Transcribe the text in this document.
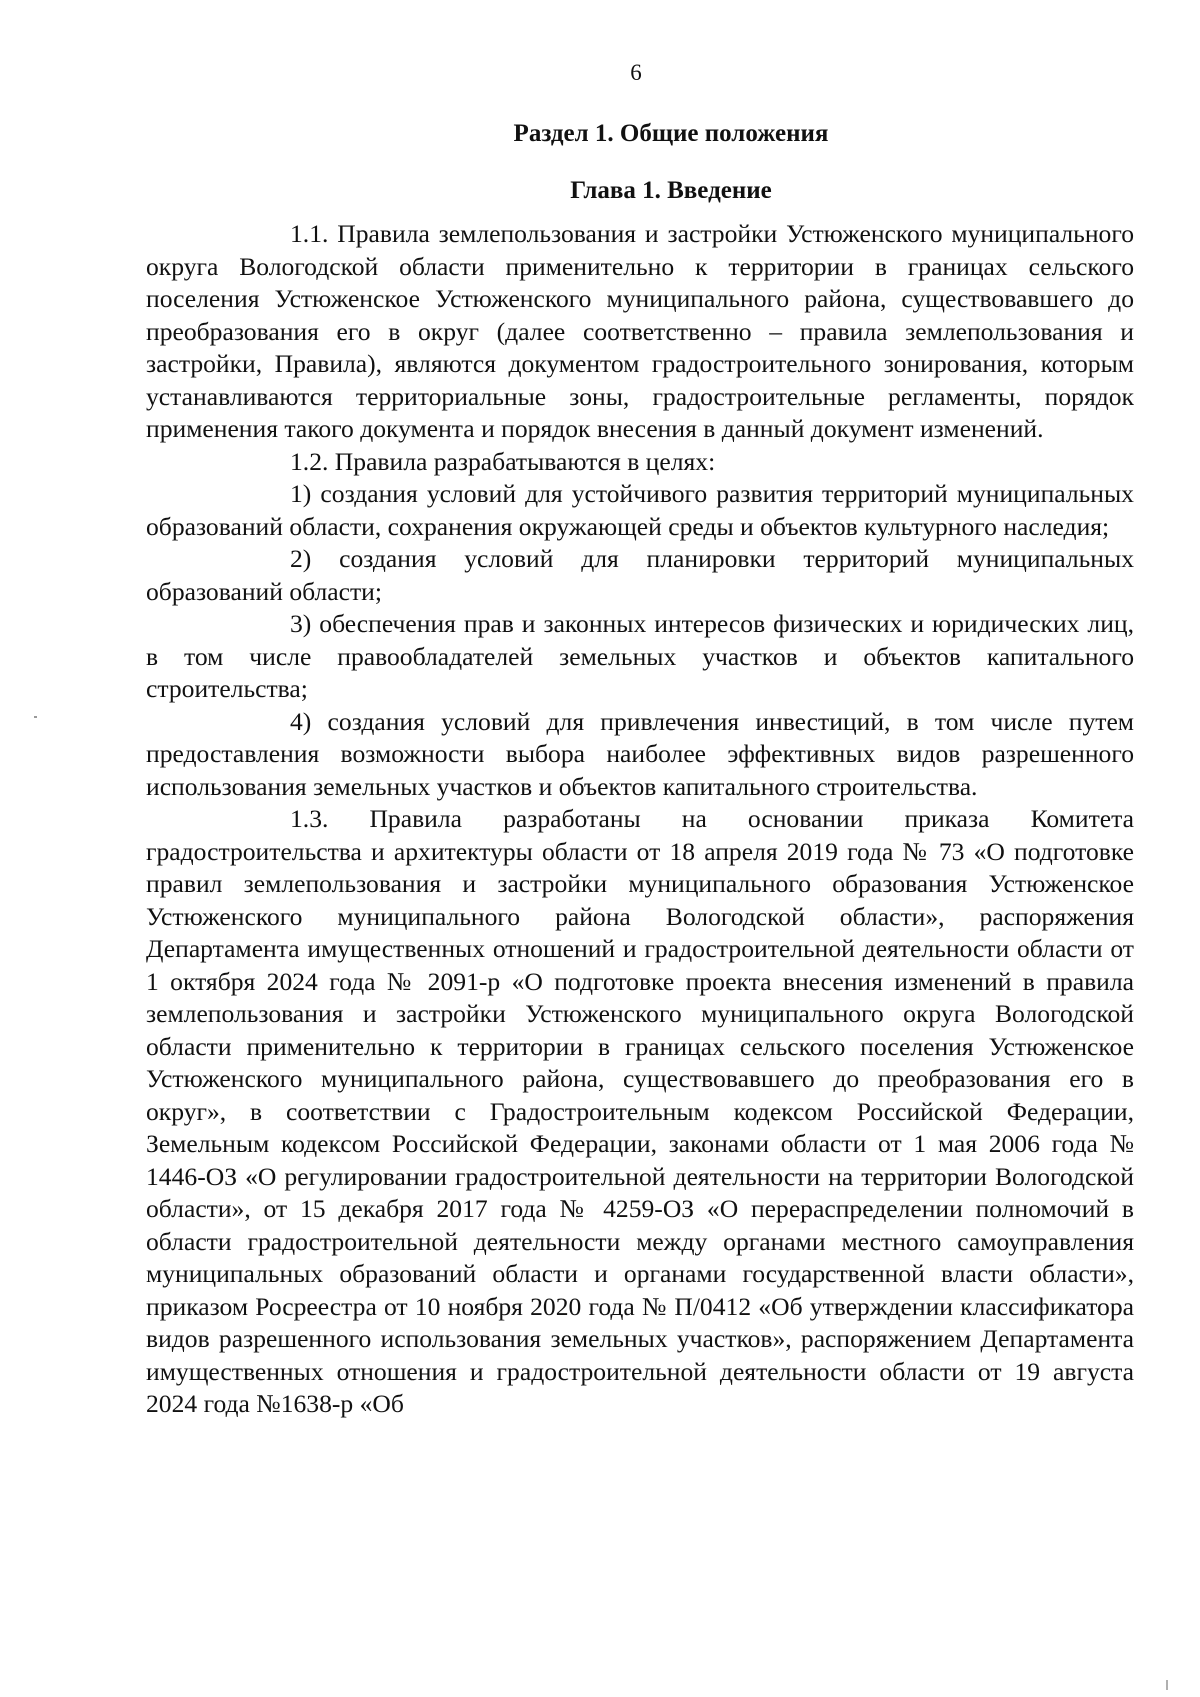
6
Раздел 1. Общие положения
Глава 1. Введение

1.1. Правила землепользования и застройки Устюженского муниципального округа Вологодской области применительно к территории в границах сельского поселения Устюженское Устюженского муниципального района, существовавшего до преобразования его в округ (далее соответственно – правила землепользования и застройки, Правила), являются документом градостроительного зонирования, которым устанавливаются территориальные зоны, градостроительные регламенты, порядок применения такого документа и порядок внесения в данный документ изменений.

1.2. Правила разрабатываются в целях:

1) создания условий для устойчивого развития территорий муниципальных образований области, сохранения окружающей среды и объектов культурного наследия;

2) создания условий для планировки территорий муниципальных образований области;

3) обеспечения прав и законных интересов физических и юридических лиц, в том числе правообладателей земельных участков и объектов капитального строительства;

4) создания условий для привлечения инвестиций, в том числе путем предоставления возможности выбора наиболее эффективных видов разрешенного использования земельных участков и объектов капитального строительства.

1.3. Правила разработаны на основании приказа Комитета градостроительства и архитектуры области от 18 апреля 2019 года № 73 «О подготовке правил землепользования и застройки муниципального образования Устюженское Устюженского муниципального района Вологодской области», распоряжения Департамента имущественных отношений и градостроительной деятельности области от 1 октября 2024 года № 2091-р «О подготовке проекта внесения изменений в правила землепользования и застройки Устюженского муниципального округа Вологодской области применительно к территории в границах сельского поселения Устюженское Устюженского муниципального района, существовавшего до преобразования его в округ», в соответствии с Градостроительным кодексом Российской Федерации, Земельным кодексом Российской Федерации, законами области от 1 мая 2006 года № 1446-ОЗ «О регулировании градостроительной деятельности на территории Вологодской области», от 15 декабря 2017 года № 4259-ОЗ «О перераспределении полномочий в области градостроительной деятельности между органами местного самоуправления муниципальных образований области и органами государственной власти области», приказом Росреестра от 10 ноября 2020 года № П/0412 «Об утверждении классификатора видов разрешенного использования земельных участков», распоряжением Департамента имущественных отношения и градостроительной деятельности области от 19 августа 2024 года №1638-р «Об
